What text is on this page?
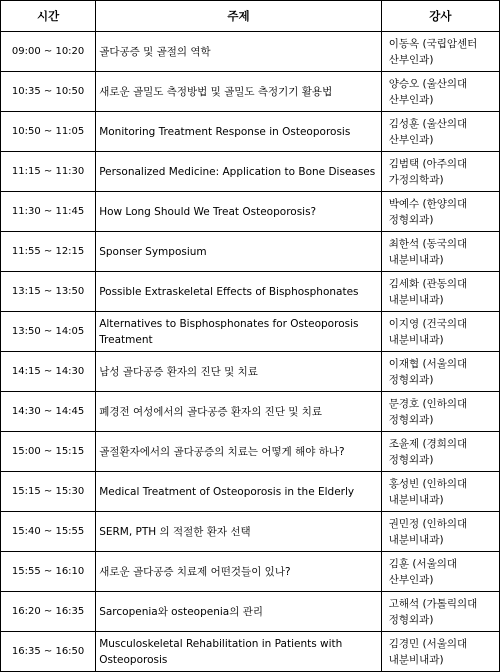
시간	주제	강사
09:00 ~ 10:20	골다공증 및 골절의 역학	이동옥 (국립암센터
산부인과)

10:35 ~ 10:50	새로운 골밀도 측정방법 및 골밀도 측정기기 활용법	양승오 (울산의대
산부인과)

10:50 ~ 11:05	Monitoring Treatment Response in Osteoporosis	김성훈 (울산의대
산부인과)

11:15 ~ 11:30	Personalized Medicine: Application to Bone Diseases	김범택 (아주의대
가정의학과)

11:30 ~ 11:45	How Long Should We Treat Osteoporosis?	박예수 (한양의대
정형외과)

11:55 ~ 12:15	Sponser Symposium	최한석 (동국의대
내분비내과)

13:15 ~ 13:50	Possible Extraskeletal Effects of Bisphosphonates	김세화 (관동의대
내분비내과)

13:50 ~ 14:05	Alternatives to Bisphosphonates for Osteoporosis Treatment	이지영 (건국의대
내분비내과)

14:15 ~ 14:30	남성 골다공증 환자의 진단 및 치료	이재협 (서울의대
정형외과)

14:30 ~ 14:45	폐경전 여성에서의 골다공증 환자의 진단 및 치료	문경호 (인하의대
정형외과)

15:00 ~ 15:15	골절환자에서의 골다공증의 치료는 어떻게 해야 하나?	조윤제 (경희의대
정형외과)

15:15 ~ 15:30	Medical Treatment of Osteoporosis in the Elderly	홍성빈 (인하의대
내분비내과)

15:40 ~ 15:55	SERM, PTH 의 적절한 환자 선택	권민정 (인하의대
내분비내과)

15:55 ~ 16:10	새로운 골다공증 치료제 어떤것들이 있나?	김훈 (서울의대
산부인과)

16:20 ~ 16:35	Sarcopenia와 osteopenia의 관리	고해석 (가톨릭의대
정형외과)

16:35 ~ 16:50	Musculoskeletal Rehabilitation in Patients with Osteoporosis	김경민 (서울의대
내분비내과)
